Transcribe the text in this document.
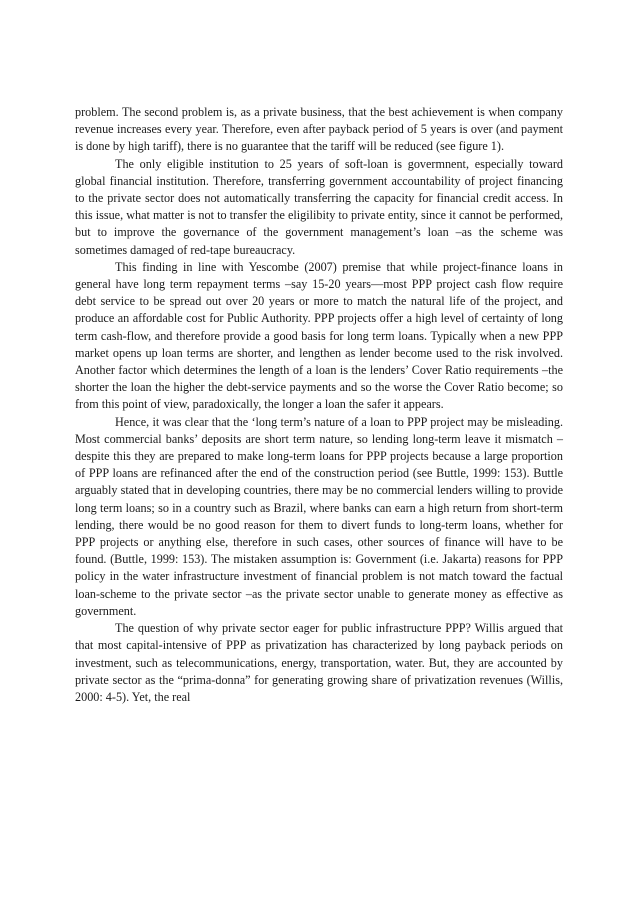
problem. The second problem is, as a private business, that the best achievement is when company revenue increases every year. Therefore, even after payback period of 5 years is over (and payment is done by high tariff), there is no guarantee that the tariff will be reduced (see figure 1).

The only eligible institution to 25 years of soft-loan is govermnent, especially toward global financial institution. Therefore, transferring government accountability of project financing to the private sector does not automatically transferring the capacity for financial credit access. In this issue, what matter is not to transfer the eligilibity to private entity, since it cannot be performed, but to improve the governance of the government management’s loan –as the scheme was sometimes damaged of red-tape bureaucracy.

This finding in line with Yescombe (2007) premise that while project-finance loans in general have long term repayment terms –say 15-20 years—most PPP project cash flow require debt service to be spread out over 20 years or more to match the natural life of the project, and produce an affordable cost for Public Authority. PPP projects offer a high level of certainty of long term cash-flow, and therefore provide a good basis for long term loans. Typically when a new PPP market opens up loan terms are shorter, and lengthen as lender become used to the risk involved. Another factor which determines the length of a loan is the lenders’ Cover Ratio requirements –the shorter the loan the higher the debt-service payments and so the worse the Cover Ratio become; so from this point of view, paradoxically, the longer a loan the safer it appears.

Hence, it was clear that the ‘long term’s nature of a loan to PPP project may be misleading. Most commercial banks’ deposits are short term nature, so lending long-term leave it mismatch –despite this they are prepared to make long-term loans for PPP projects because a large proportion of PPP loans are refinanced after the end of the construction period (see Buttle, 1999: 153). Buttle arguably stated that in developing countries, there may be no commercial lenders willing to provide long term loans; so in a country such as Brazil, where banks can earn a high return from short-term lending, there would be no good reason for them to divert funds to long-term loans, whether for PPP projects or anything else, therefore in such cases, other sources of finance will have to be found. (Buttle, 1999: 153). The mistaken assumption is: Government (i.e. Jakarta) reasons for PPP policy in the water infrastructure investment of financial problem is not match toward the factual loan-scheme to the private sector –as the private sector unable to generate money as effective as government.

The question of why private sector eager for public infrastructure PPP? Willis argued that that most capital-intensive of PPP as privatization has characterized by long payback periods on investment, such as telecommunications, energy, transportation, water. But, they are accounted by private sector as the “prima-donna” for generating growing share of privatization revenues (Willis, 2000: 4-5). Yet, the real
